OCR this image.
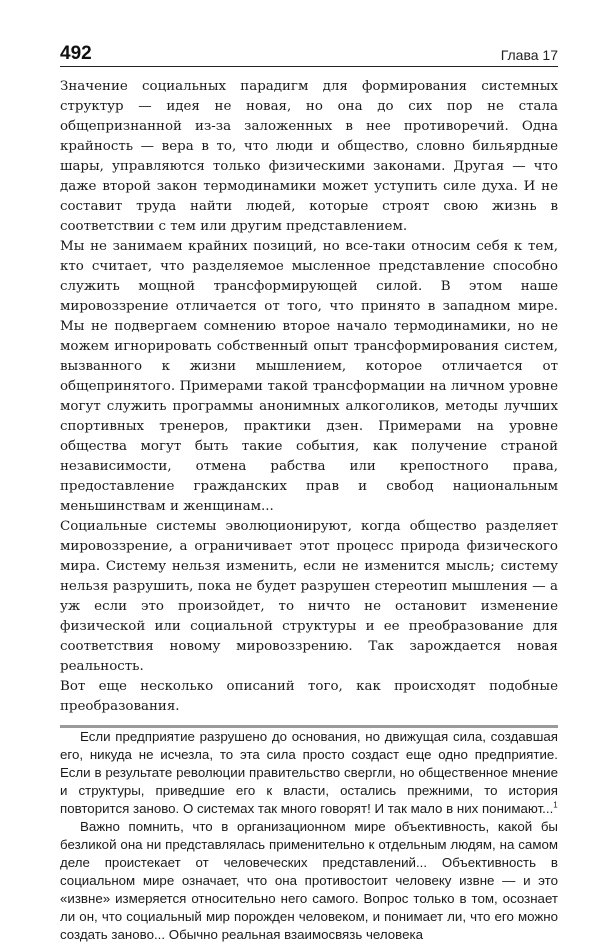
492	Глава 17

Значение социальных парадигм для формирования системных структур — идея не новая, но она до сих пор не стала общепризнанной из-за заложенных в нее противоречий. Одна крайность — вера в то, что люди и общество, словно бильярдные шары, управляются только физическими законами. Другая — что даже второй закон термодинамики может уступить силе духа. И не составит труда найти людей, которые строят свою жизнь в соответствии с тем или другим представлением.

Мы не занимаем крайних позиций, но все-таки относим себя к тем, кто считает, что разделяемое мысленное представление способно служить мощной трансформирующей силой. В этом наше мировоззрение отличается от того, что принято в западном мире. Мы не подвергаем сомнению второе начало термодинамики, но не можем игнорировать собственный опыт трансформирования систем, вызванного к жизни мышлением, которое отличается от общепринятого. Примерами такой трансформации на личном уровне могут служить программы анонимных алкоголиков, методы лучших спортивных тренеров, практики дзен. Примерами на уровне общества могут быть такие события, как получение страной независимости, отмена рабства или крепостного права, предоставление гражданских прав и свобод национальным меньшинствам и женщинам...

Социальные системы эволюционируют, когда общество разделяет мировоззрение, а ограничивает этот процесс природа физического мира. Систему нельзя изменить, если не изменится мысль; систему нельзя разрушить, пока не будет разрушен стереотип мышления — а уж если это произойдет, то ничто не остановит изменение физической или социальной структуры и ее преобразование для соответствия новому мировоззрению. Так зарождается новая реальность.

Вот еще несколько описаний того, как происходят подобные преобразования.

Если предприятие разрушено до основания, но движущая сила, создавшая его, никуда не исчезла, то эта сила просто создаст еще одно предприятие. Если в результате революции правительство свергли, но общественное мнение и структуры, приведшие его к власти, остались прежними, то история повторится заново. О системах так много говорят! И так мало в них понимают...$^1$

Важно помнить, что в организационном мире объективность, какой бы безликой она ни представлялась применительно к отдельным людям, на самом деле проистекает от человеческих представлений... Объективность в социальном мире означает, что она противостоит человеку извне — и это «извне» измеряется относительно него самого. Вопрос только в том, осознает ли он, что социальный мир порожден человеком, и понимает ли, что его можно создать заново... Обычно реальная взаимосвязь человека
